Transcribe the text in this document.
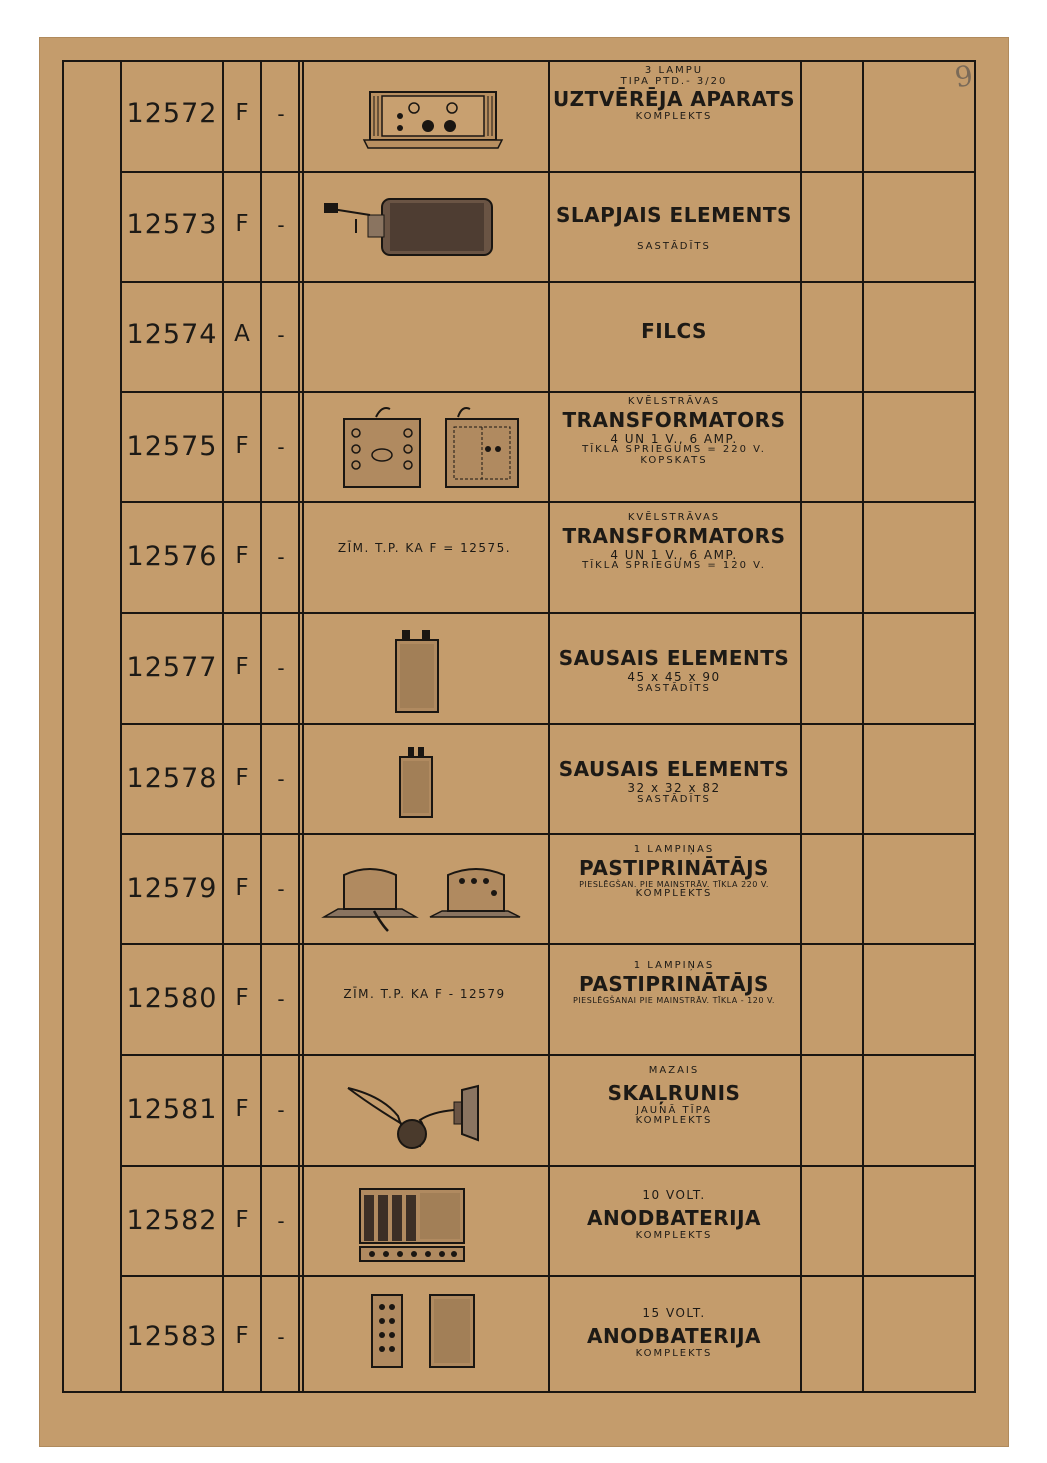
9
12572 F	-
3 LAMPU
TIPA PTD.- 3/20
UZTVĒRĒJA APARATS
KOMPLEKTS
12573 F	-	SLAPJAIS ELEMENTS
SASTĀDĪTS
12574 A	-	FILCS
12575 F	-
KVĒLSTRĀVAS
TRANSFORMATORS
4 UN 1 V., 6 AMP.
TĪKLA SPRIEGUMS = 220 V.
KOPSKATS
12576 F	-	ZĪM. T.P. KA F = 12575.
KVĒLSTRĀVAS
TRANSFORMATORS
4 UN 1 V., 6 AMP.
TĪKLA SPRIEGUMS = 120 V.
12577 F	-	SAUSAIS ELEMENTS
45 x 45 x 90
SASTĀDĪTS
12578 F	-	SAUSAIS ELEMENTS
32 x 32 x 82
SASTĀDĪTS
12579 F	-
1 LAMPIŅAS
PASTIPRINĀTĀJS
PIESLĒGŠAN. PIE MAINSTRĀV. TĪKLA 220 V.
KOMPLEKTS
12580 F	-	ZĪM. T.P. KA F - 12579
1 LAMPIŅAS
PASTIPRINĀTĀJS
PIESLĒGŠANAI PIE MAINSTRĀV. TĪKLA - 120 V.
12581 F	-
MAZAIS
SKAĻRUNIS
JAUNĀ TĪPA
KOMPLEKTS
12582 F	-
10 VOLT.
ANODBATERIJA
KOMPLEKTS
12583 F	-
15 VOLT.
ANODBATERIJA
KOMPLEKTS
